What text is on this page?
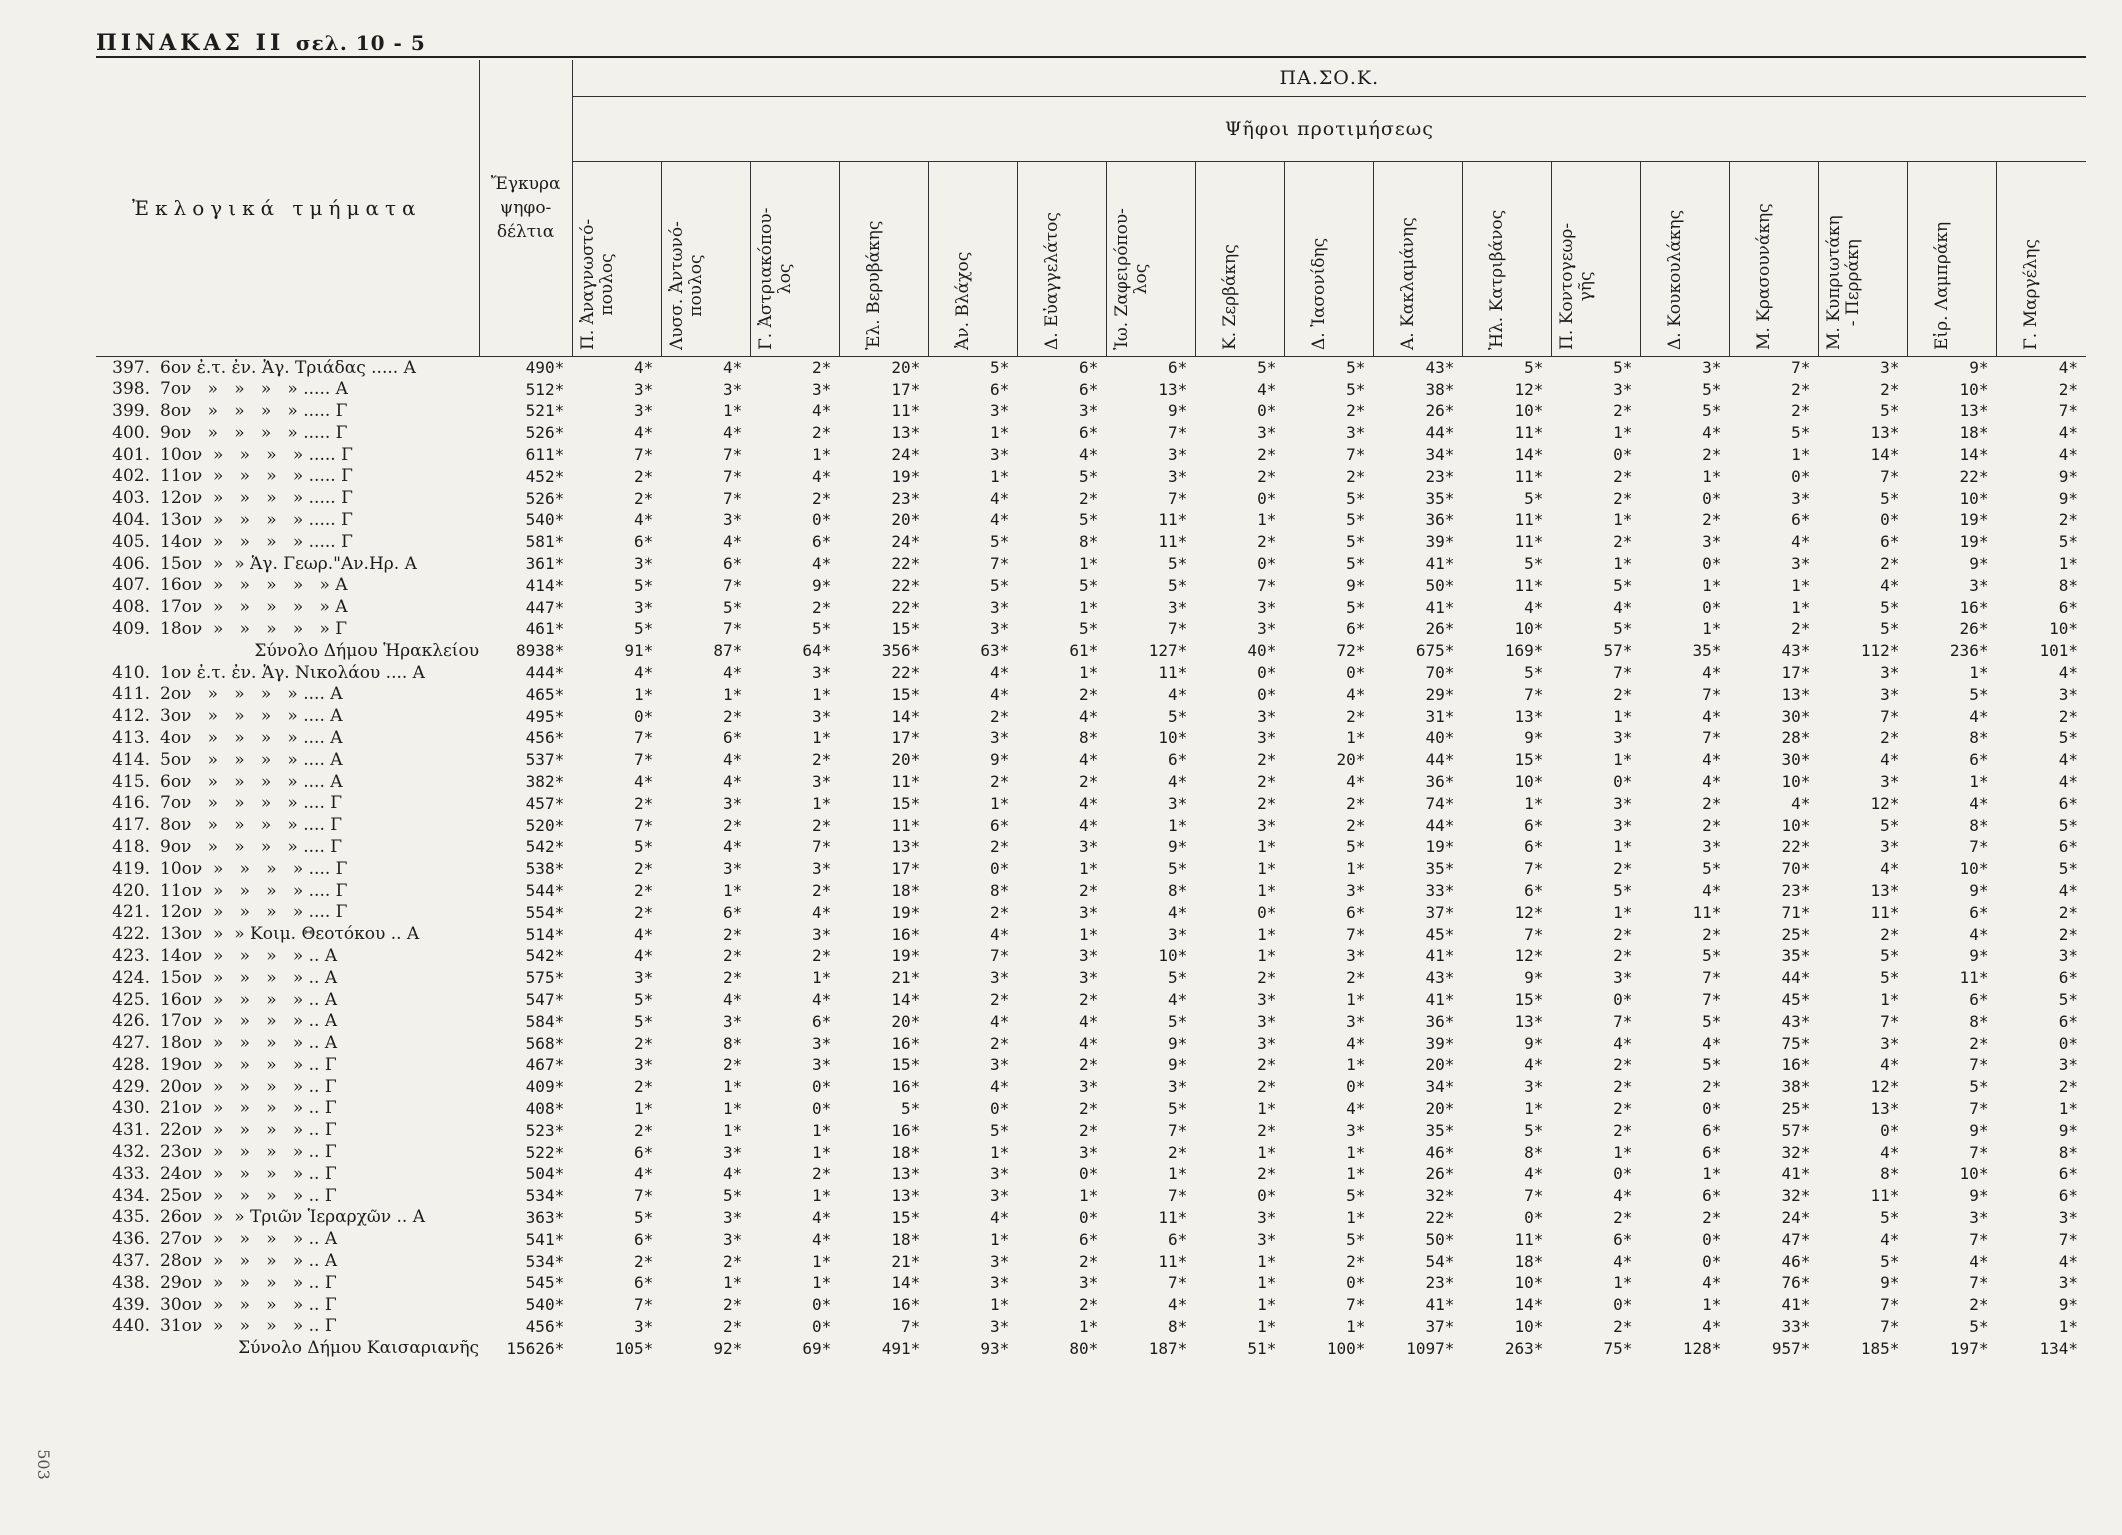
ΠΙΝΑΚΑΣ ΙΙ σελ. 10 - 5
503
Ἐκλογικά τμήματα	Ἔγκυρα
ψηφο-
δέλτια	ΠΑ.ΣΟ.Κ.																
		Ψῆφοι προτιμήσεως																

		Π. Ἀναγνωστό-
πουλος	Λυσσ. Ἀντωνό-
πουλος	Γ. Ἀστριακόπου-
λος	Ἐλ. Βερυβάκης	Ἀν. Βλάχος	Δ. Εὐαγγελάτος	Ἰω. Ζαφειρόπου-
λος	Κ. Ζερβάκης	Δ. Ἰασονίδης	Α. Κακλαμάνης	Ἠλ. Κατριβάνος	Π. Κοντογεωρ-
γῆς	Δ. Κουκουλάκης	Μ. Κρασουνάκης	Μ. Κυπριωτάκη
- Περράκη	Εἰρ. Λαμπράκη	Γ. Μαργέλης

397. 6ον ἐ.τ. ἐν. Ἁγ. Τριάδας ..... Α	490*	4*	4*	2*	20*	5*	6*	6*	5*	5*	43*	5*	5*	3*	7*	3*	9*	4*
398. 7ον   »   »   »   » ..... Α	512*	3*	3*	3*	17*	6*	6*	13*	4*	5*	38*	12*	3*	5*	2*	2*	10*	2*
399. 8ον   »   »   »   » ..... Γ	521*	3*	1*	4*	11*	3*	3*	9*	0*	2*	26*	10*	2*	5*	2*	5*	13*	7*
400. 9ον   »   »   »   » ..... Γ	526*	4*	4*	2*	13*	1*	6*	7*	3*	3*	44*	11*	1*	4*	5*	13*	18*	4*
401. 10ον  »   »   »   » ..... Γ	611*	7*	7*	1*	24*	3*	4*	3*	2*	7*	34*	14*	0*	2*	1*	14*	14*	4*
402. 11ον  »   »   »   » ..... Γ	452*	2*	7*	4*	19*	1*	5*	3*	2*	2*	23*	11*	2*	1*	0*	7*	22*	9*
403. 12ον  »   »   »   » ..... Γ	526*	2*	7*	2*	23*	4*	2*	7*	0*	5*	35*	5*	2*	0*	3*	5*	10*	9*
404. 13ον  »   »   »   » ..... Γ	540*	4*	3*	0*	20*	4*	5*	11*	1*	5*	36*	11*	1*	2*	6*	0*	19*	2*
405. 14ον  »   »   »   » ..... Γ	581*	6*	4*	6*	24*	5*	8*	11*	2*	5*	39*	11*	2*	3*	4*	6*	19*	5*
406. 15ον  »  » Ἁγ. Γεωρ."Αν.Ηρ. Α	361*	3*	6*	4*	22*	7*	1*	5*	0*	5*	41*	5*	1*	0*	3*	2*	9*	1*
407. 16ον  »   »   »   »   » Α	414*	5*	7*	9*	22*	5*	5*	5*	7*	9*	50*	11*	5*	1*	1*	4*	3*	8*
408. 17ον  »   »   »   »   » Α	447*	3*	5*	2*	22*	3*	1*	3*	3*	5*	41*	4*	4*	0*	1*	5*	16*	6*
409. 18ον  »   »   »   »   » Γ	461*	5*	7*	5*	15*	3*	5*	7*	3*	6*	26*	10*	5*	1*	2*	5*	26*	10*
Σύνολο Δήμου Ἡρακλείου	8938*	91*	87*	64*	356*	63*	61*	127*	40*	72*	675*	169*	57*	35*	43*	112*	236*	101*
410. 1ον ἐ.τ. ἐν. Ἁγ. Νικολάου .... Α	444*	4*	4*	3*	22*	4*	1*	11*	0*	0*	70*	5*	7*	4*	17*	3*	1*	4*
411. 2ον   »   »   »   » .... Α	465*	1*	1*	1*	15*	4*	2*	4*	0*	4*	29*	7*	2*	7*	13*	3*	5*	3*
412. 3ον   »   »   »   » .... Α	495*	0*	2*	3*	14*	2*	4*	5*	3*	2*	31*	13*	1*	4*	30*	7*	4*	2*
413. 4ον   »   »   »   » .... Α	456*	7*	6*	1*	17*	3*	8*	10*	3*	1*	40*	9*	3*	7*	28*	2*	8*	5*
414. 5ον   »   »   »   » .... Α	537*	7*	4*	2*	20*	9*	4*	6*	2*	20*	44*	15*	1*	4*	30*	4*	6*	4*
415. 6ον   »   »   »   » .... Α	382*	4*	4*	3*	11*	2*	2*	4*	2*	4*	36*	10*	0*	4*	10*	3*	1*	4*
416. 7ον   »   »   »   » .... Γ	457*	2*	3*	1*	15*	1*	4*	3*	2*	2*	74*	1*	3*	2*	4*	12*	4*	6*
417. 8ον   »   »   »   » .... Γ	520*	7*	2*	2*	11*	6*	4*	1*	3*	2*	44*	6*	3*	2*	10*	5*	8*	5*
418. 9ον   »   »   »   » .... Γ	542*	5*	4*	7*	13*	2*	3*	9*	1*	5*	19*	6*	1*	3*	22*	3*	7*	6*
419. 10ον  »   »   »   » .... Γ	538*	2*	3*	3*	17*	0*	1*	5*	1*	1*	35*	7*	2*	5*	70*	4*	10*	5*
420. 11ον  »   »   »   » .... Γ	544*	2*	1*	2*	18*	8*	2*	8*	1*	3*	33*	6*	5*	4*	23*	13*	9*	4*
421. 12ον  »   »   »   » .... Γ	554*	2*	6*	4*	19*	2*	3*	4*	0*	6*	37*	12*	1*	11*	71*	11*	6*	2*
422. 13ον  »  » Κοιμ. Θεοτόκου .. Α	514*	4*	2*	3*	16*	4*	1*	3*	1*	7*	45*	7*	2*	2*	25*	2*	4*	2*
423. 14ον  »   »   »   » .. Α	542*	4*	2*	2*	19*	7*	3*	10*	1*	3*	41*	12*	2*	5*	35*	5*	9*	3*
424. 15ον  »   »   »   » .. Α	575*	3*	2*	1*	21*	3*	3*	5*	2*	2*	43*	9*	3*	7*	44*	5*	11*	6*
425. 16ον  »   »   »   » .. Α	547*	5*	4*	4*	14*	2*	2*	4*	3*	1*	41*	15*	0*	7*	45*	1*	6*	5*
426. 17ον  »   »   »   » .. Α	584*	5*	3*	6*	20*	4*	4*	5*	3*	3*	36*	13*	7*	5*	43*	7*	8*	6*
427. 18ον  »   »   »   » .. Α	568*	2*	8*	3*	16*	2*	4*	9*	3*	4*	39*	9*	4*	4*	75*	3*	2*	0*
428. 19ον  »   »   »   » .. Γ	467*	3*	2*	3*	15*	3*	2*	9*	2*	1*	20*	4*	2*	5*	16*	4*	7*	3*
429. 20ον  »   »   »   » .. Γ	409*	2*	1*	0*	16*	4*	3*	3*	2*	0*	34*	3*	2*	2*	38*	12*	5*	2*
430. 21ον  »   »   »   » .. Γ	408*	1*	1*	0*	5*	0*	2*	5*	1*	4*	20*	1*	2*	0*	25*	13*	7*	1*
431. 22ον  »   »   »   » .. Γ	523*	2*	1*	1*	16*	5*	2*	7*	2*	3*	35*	5*	2*	6*	57*	0*	9*	9*
432. 23ον  »   »   »   » .. Γ	522*	6*	3*	1*	18*	1*	3*	2*	1*	1*	46*	8*	1*	6*	32*	4*	7*	8*
433. 24ον  »   »   »   » .. Γ	504*	4*	4*	2*	13*	3*	0*	1*	2*	1*	26*	4*	0*	1*	41*	8*	10*	6*
434. 25ον  »   »   »   » .. Γ	534*	7*	5*	1*	13*	3*	1*	7*	0*	5*	32*	7*	4*	6*	32*	11*	9*	6*
435. 26ον  »  » Τριῶν Ἱεραρχῶν .. Α	363*	5*	3*	4*	15*	4*	0*	11*	3*	1*	22*	0*	2*	2*	24*	5*	3*	3*
436. 27ον  »   »   »   » .. Α	541*	6*	3*	4*	18*	1*	6*	6*	3*	5*	50*	11*	6*	0*	47*	4*	7*	7*
437. 28ον  »   »   »   » .. Α	534*	2*	2*	1*	21*	3*	2*	11*	1*	2*	54*	18*	4*	0*	46*	5*	4*	4*
438. 29ον  »   »   »   » .. Γ	545*	6*	1*	1*	14*	3*	3*	7*	1*	0*	23*	10*	1*	4*	76*	9*	7*	3*
439. 30ον  »   »   »   » .. Γ	540*	7*	2*	0*	16*	1*	2*	4*	1*	7*	41*	14*	0*	1*	41*	7*	2*	9*
440. 31ον  »   »   »   » .. Γ	456*	3*	2*	0*	7*	3*	1*	8*	1*	1*	37*	10*	2*	4*	33*	7*	5*	1*
Σύνολο Δήμου Καισαριανῆς	15626*	105*	92*	69*	491*	93*	80*	187*	51*	100*	1097*	263*	75*	128*	957*	185*	197*	134*
